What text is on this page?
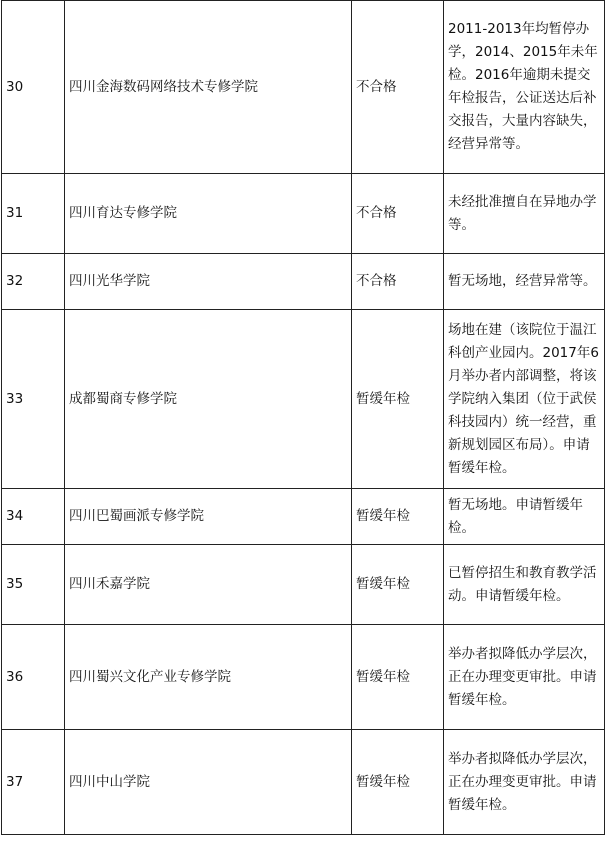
30	四川金海数码网络技术专修学院	不合格	2011-2013年均暂停办学，2014、2015年未年检。2016年逾期未提交年检报告，公证送达后补交报告，大量内容缺失，经营异常等。
31	四川育达专修学院	不合格	未经批准擅自在异地办学等。
32	四川光华学院	不合格	暂无场地，经营异常等。
33	成都蜀商专修学院	暂缓年检	场地在建（该院位于温江科创产业园内。2017年6月举办者内部调整，将该学院纳入集团（位于武侯科技园内）统一经营，重新规划园区布局）。申请暂缓年检。
34	四川巴蜀画派专修学院	暂缓年检	暂无场地。申请暂缓年检。
35	四川禾嘉学院	暂缓年检	已暂停招生和教育教学活动。申请暂缓年检。
36	四川蜀兴文化产业专修学院	暂缓年检	举办者拟降低办学层次，正在办理变更审批。申请暂缓年检。
37	四川中山学院	暂缓年检	举办者拟降低办学层次，正在办理变更审批。申请暂缓年检。
